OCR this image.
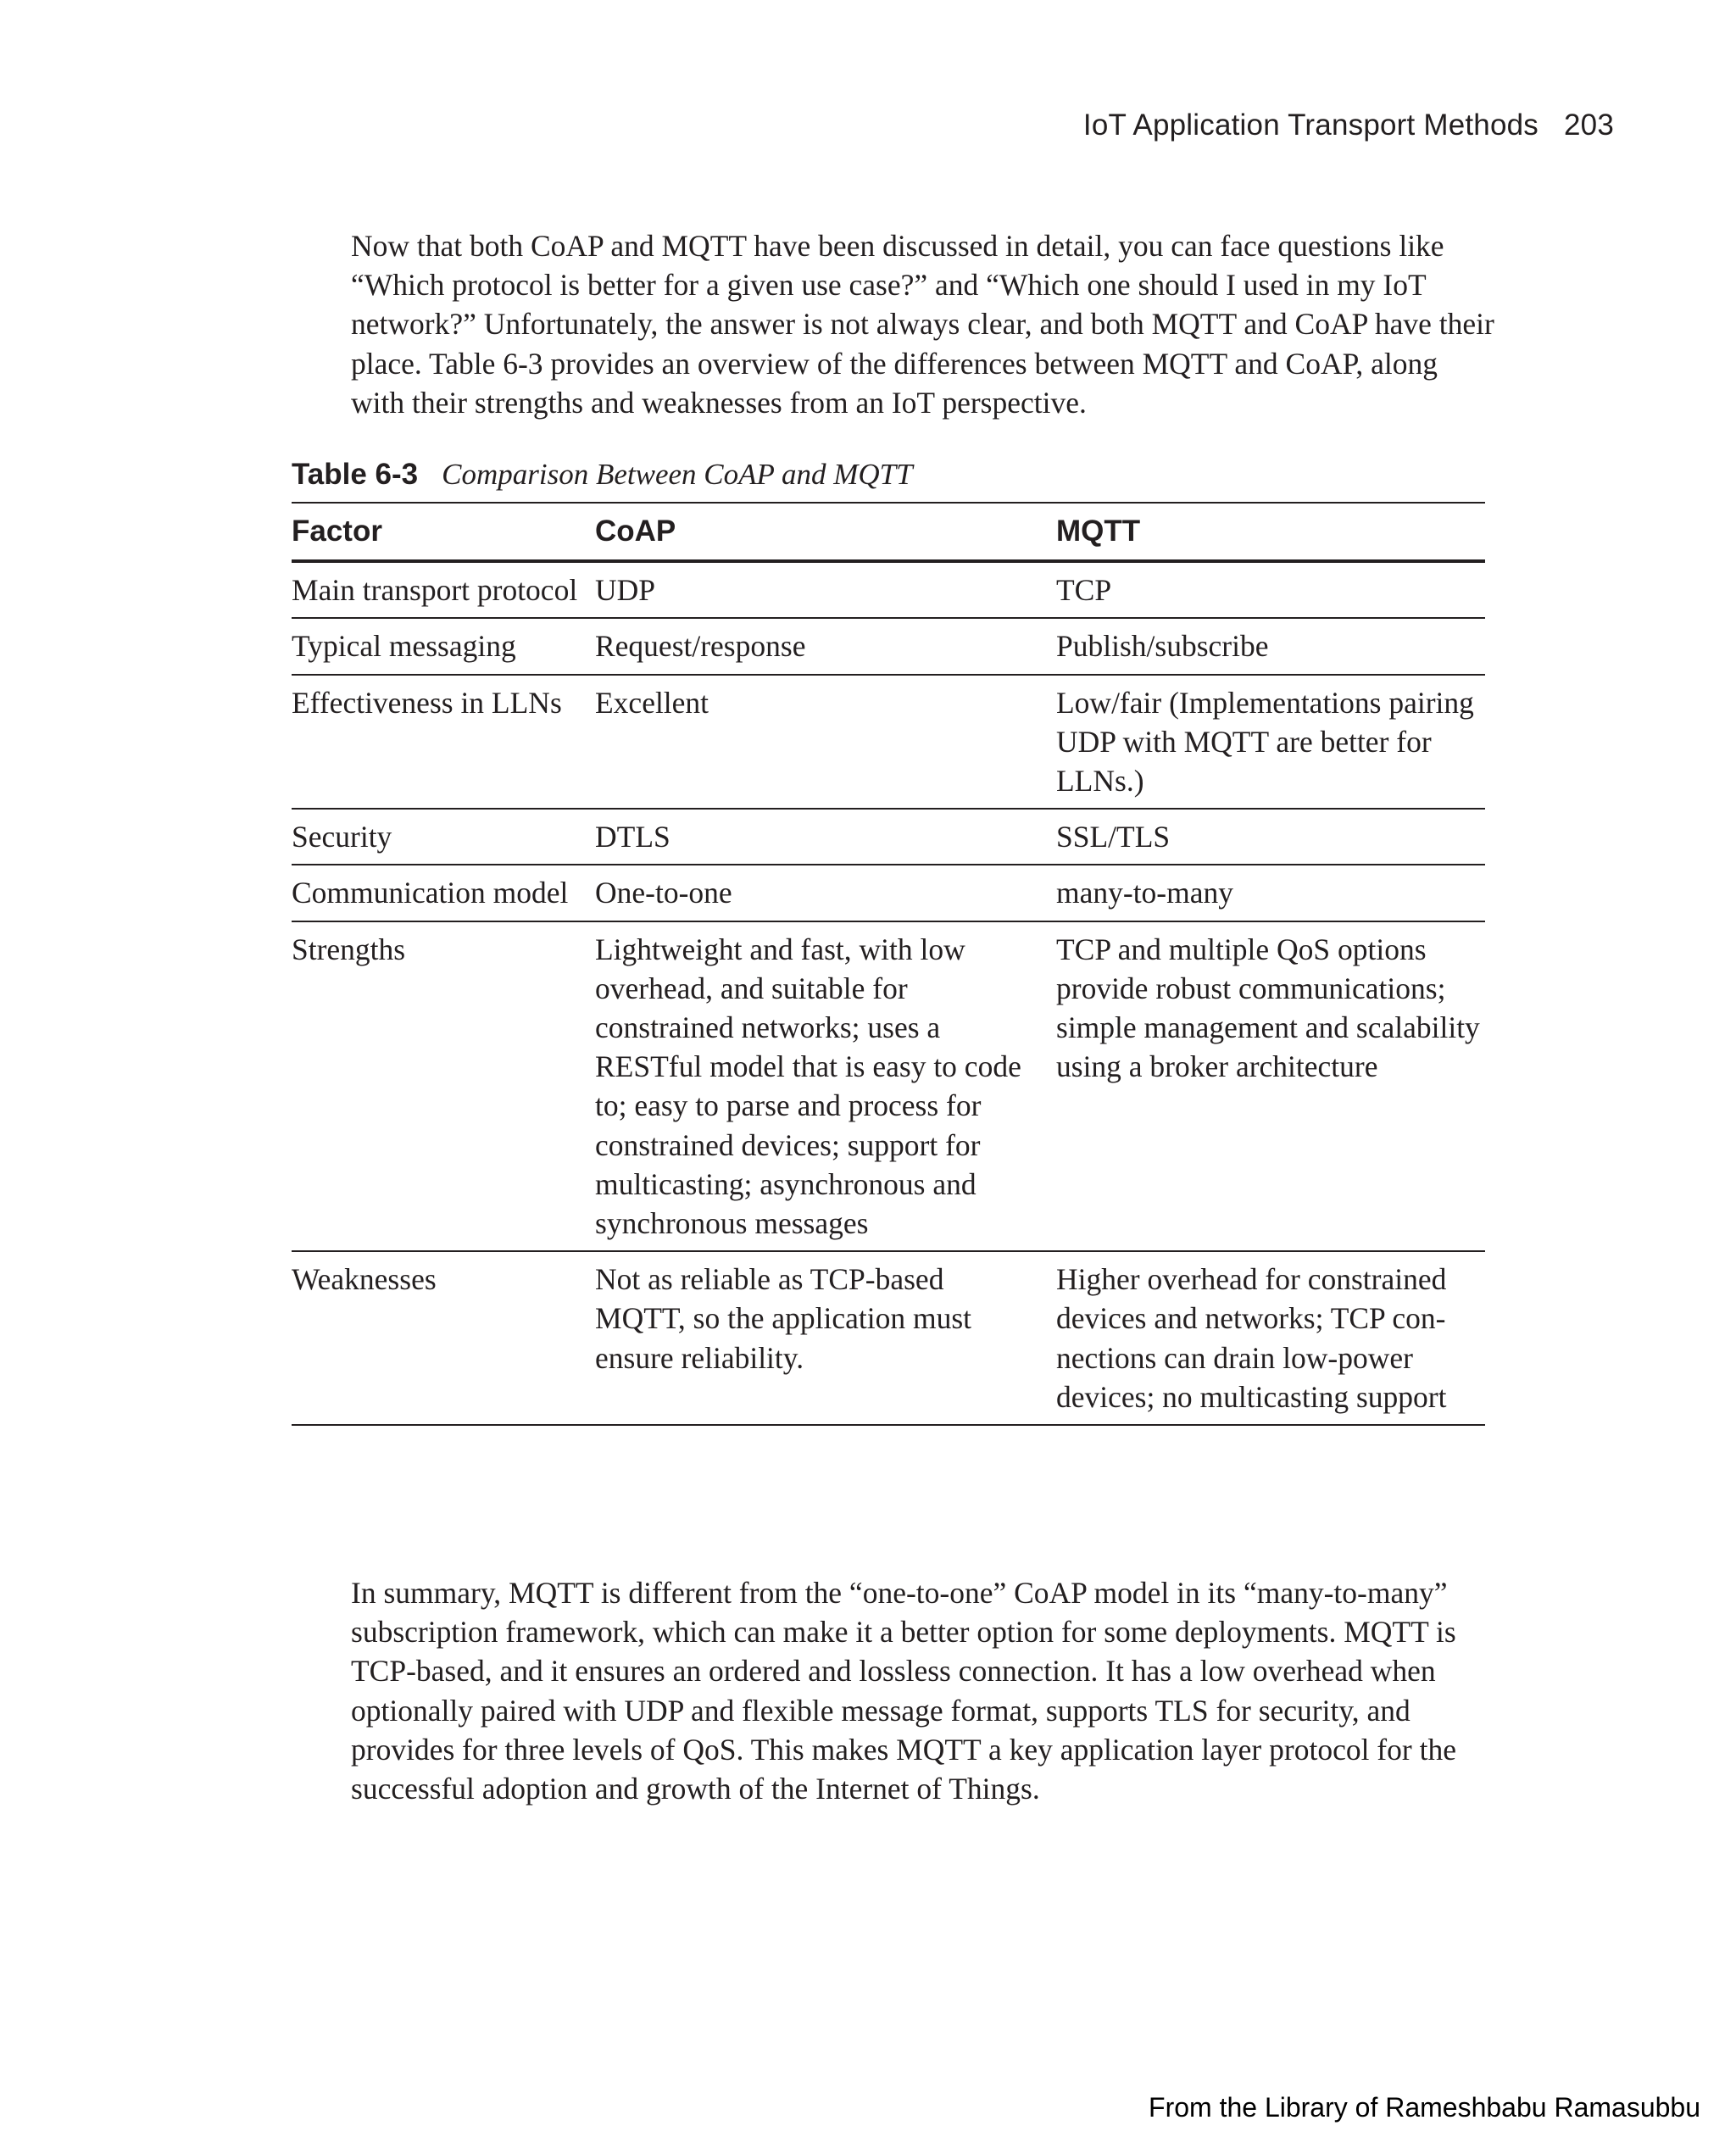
IoT Application Transport Methods 203

Now that both CoAP and MQTT have been discussed in detail, you can face questions like “Which protocol is better for a given use case?” and “Which one should I used in my IoT network?” Unfortunately, the answer is not always clear, and both MQTT and CoAP have their place. Table 6-3 provides an overview of the differences between MQTT and CoAP, along with their strengths and weaknesses from an IoT perspective.

Table 6-3 Comparison Between CoAP and MQTT
Factor	CoAP	MQTT
Main transport protocol	UDP	TCP
Typical messaging	Request/response	Publish/subscribe
Effectiveness in LLNs	Excellent	Low/fair (Implementations pairing UDP with MQTT are better for LLNs.)
Security	DTLS	SSL/TLS
Communication model	One-to-one	many-to-many
Strengths	Lightweight and fast, with low overhead, and suitable for constrained networks; uses a RESTful model that is easy to code to; easy to parse and process for constrained devices; support for multicasting; asynchronous and synchronous messages	TCP and multiple QoS options provide robust communications; simple management and scalability using a broker architecture
Weaknesses	Not as reliable as TCP-based MQTT, so the application must ensure reliability.	Higher overhead for constrained devices and networks; TCP connections can drain low-power devices; no multicasting support

In summary, MQTT is different from the “one-to-one” CoAP model in its “many-to-many” subscription framework, which can make it a better option for some deployments. MQTT is TCP-based, and it ensures an ordered and lossless connection. It has a low overhead when optionally paired with UDP and flexible message format, supports TLS for security, and provides for three levels of QoS. This makes MQTT a key application layer protocol for the successful adoption and growth of the Internet of Things.

From the Library of Rameshbabu Ramasubbu
